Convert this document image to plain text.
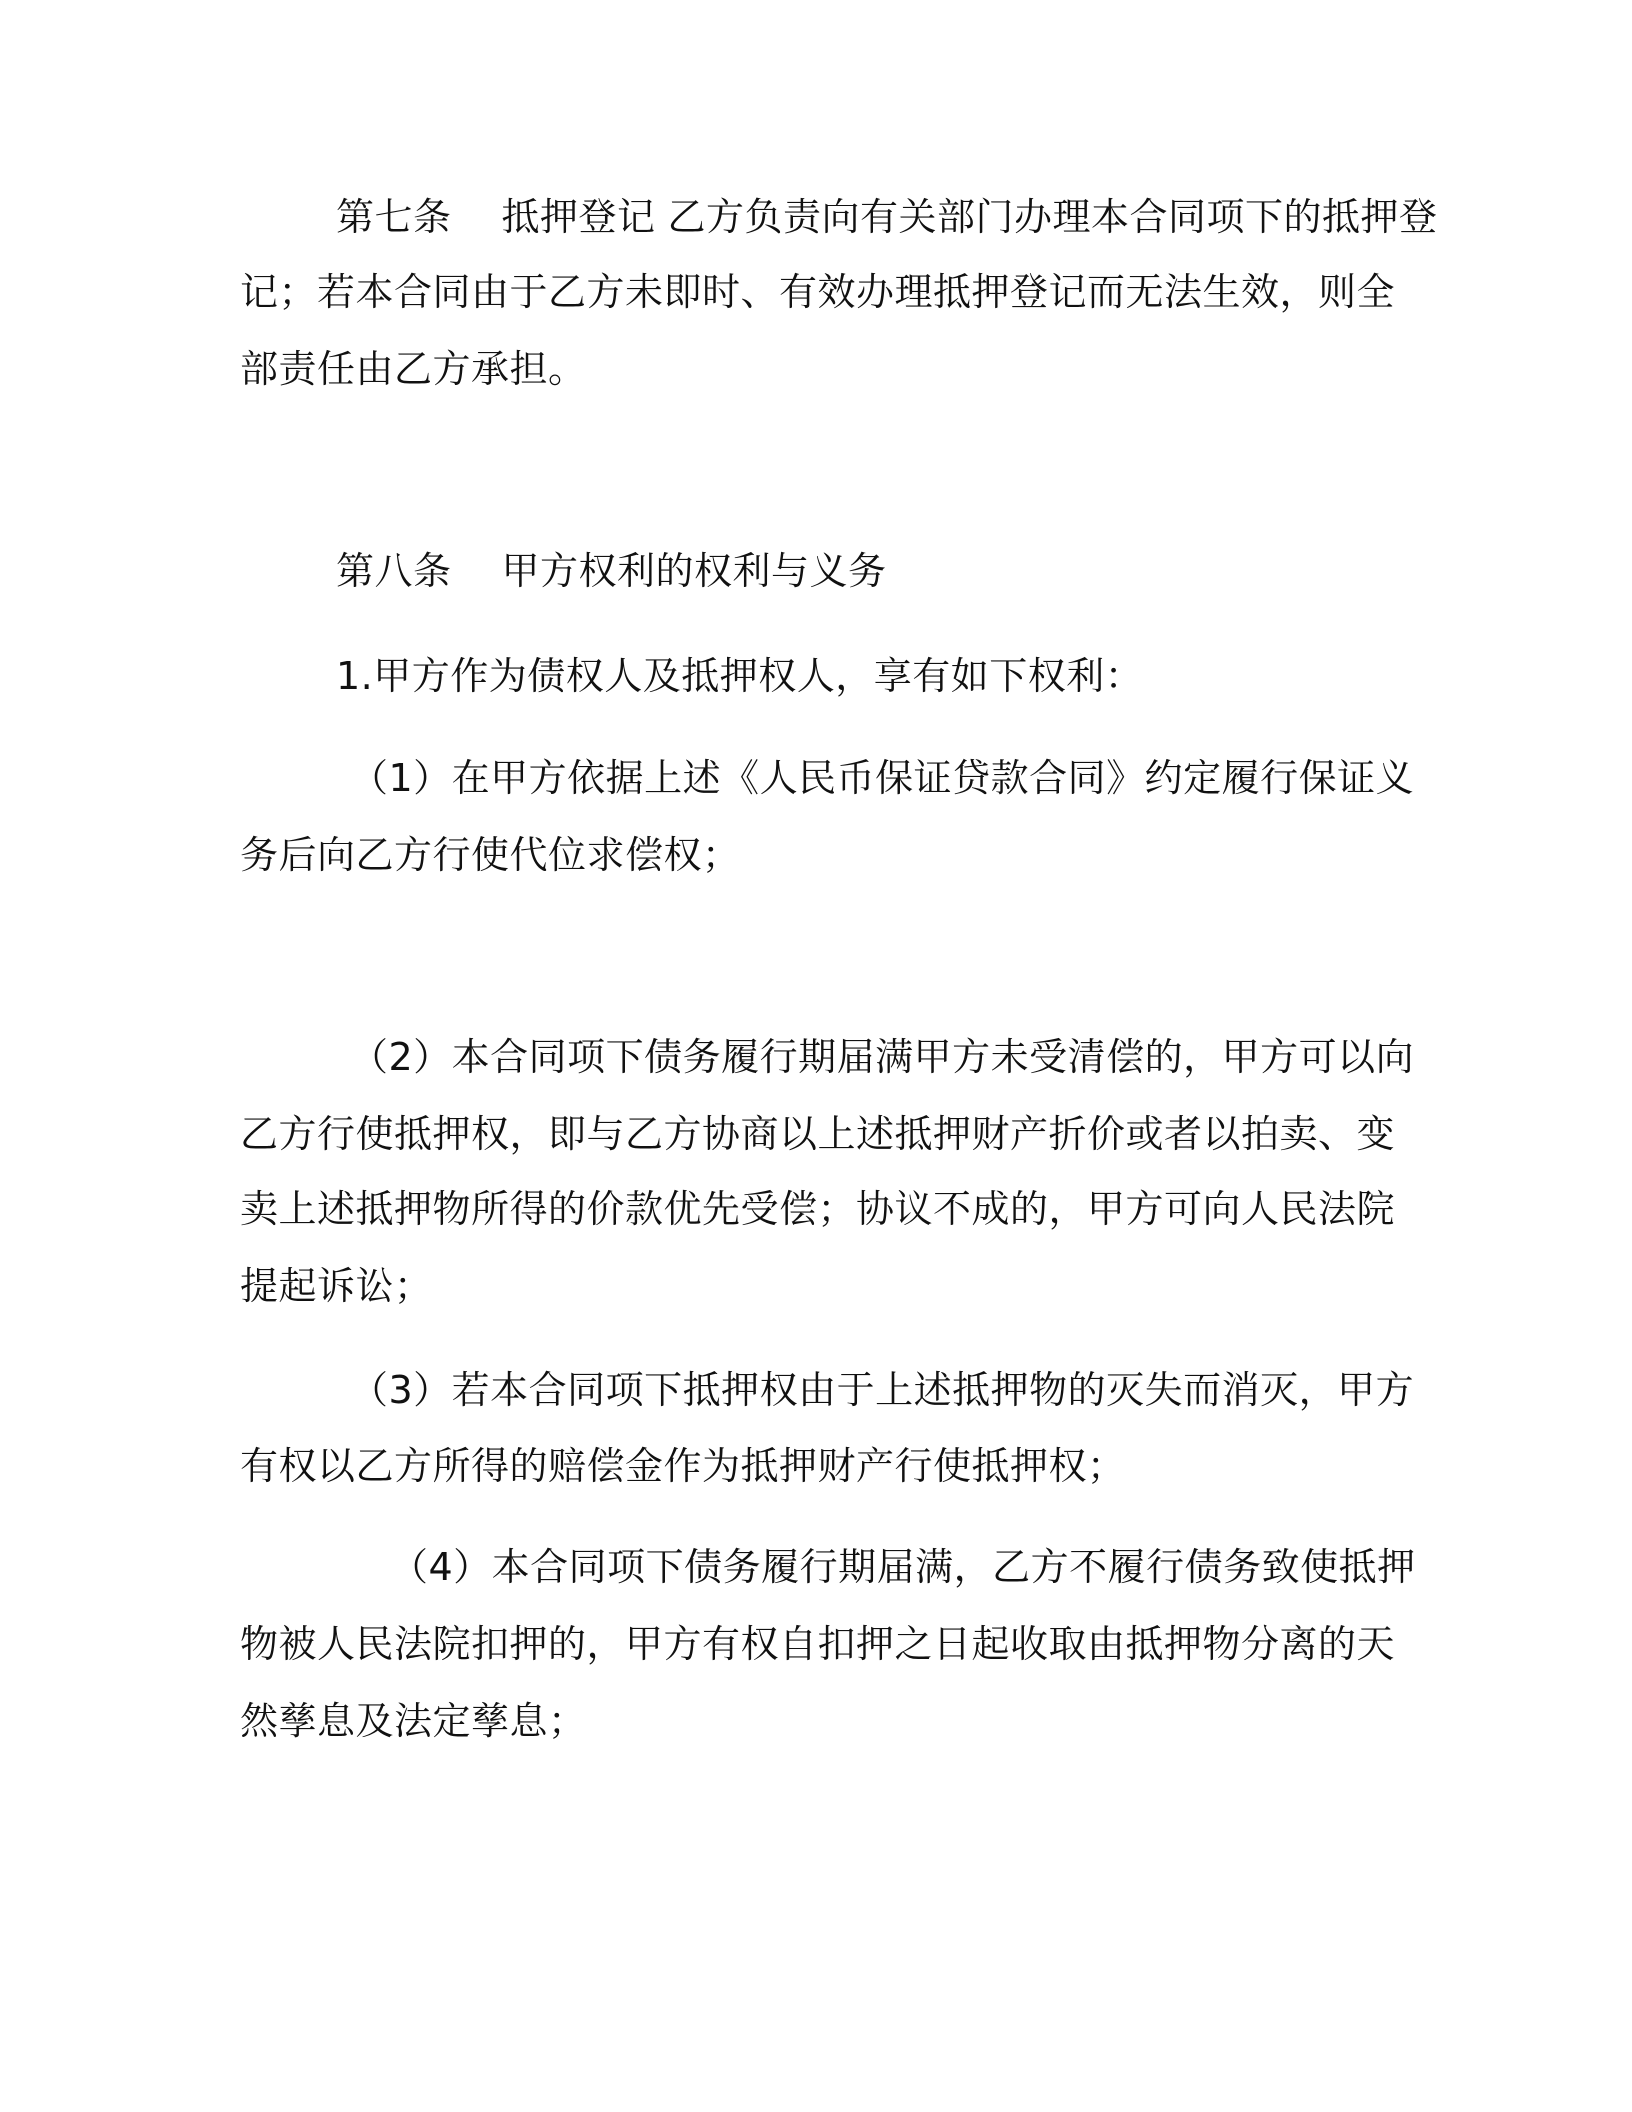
第七条 抵押登记 乙方负责向有关部门办理本合同项下的抵押登
记；若本合同由于乙方未即时、有效办理抵押登记而无法生效，则全
部责任由乙方承担。
第八条 甲方权利的权利与义务
1.甲方作为债权人及抵押权人，享有如下权利：
（1）在甲方依据上述《人民币保证贷款合同》约定履行保证义
务后向乙方行使代位求偿权；
（2）本合同项下债务履行期届满甲方未受清偿的，甲方可以向
乙方行使抵押权，即与乙方协商以上述抵押财产折价或者以拍卖、变
卖上述抵押物所得的价款优先受偿；协议不成的，甲方可向人民法院
提起诉讼；
（3）若本合同项下抵押权由于上述抵押物的灭失而消灭，甲方
有权以乙方所得的赔偿金作为抵押财产行使抵押权；
（4）本合同项下债务履行期届满，乙方不履行债务致使抵押
物被人民法院扣押的，甲方有权自扣押之日起收取由抵押物分离的天
然孳息及法定孳息；
